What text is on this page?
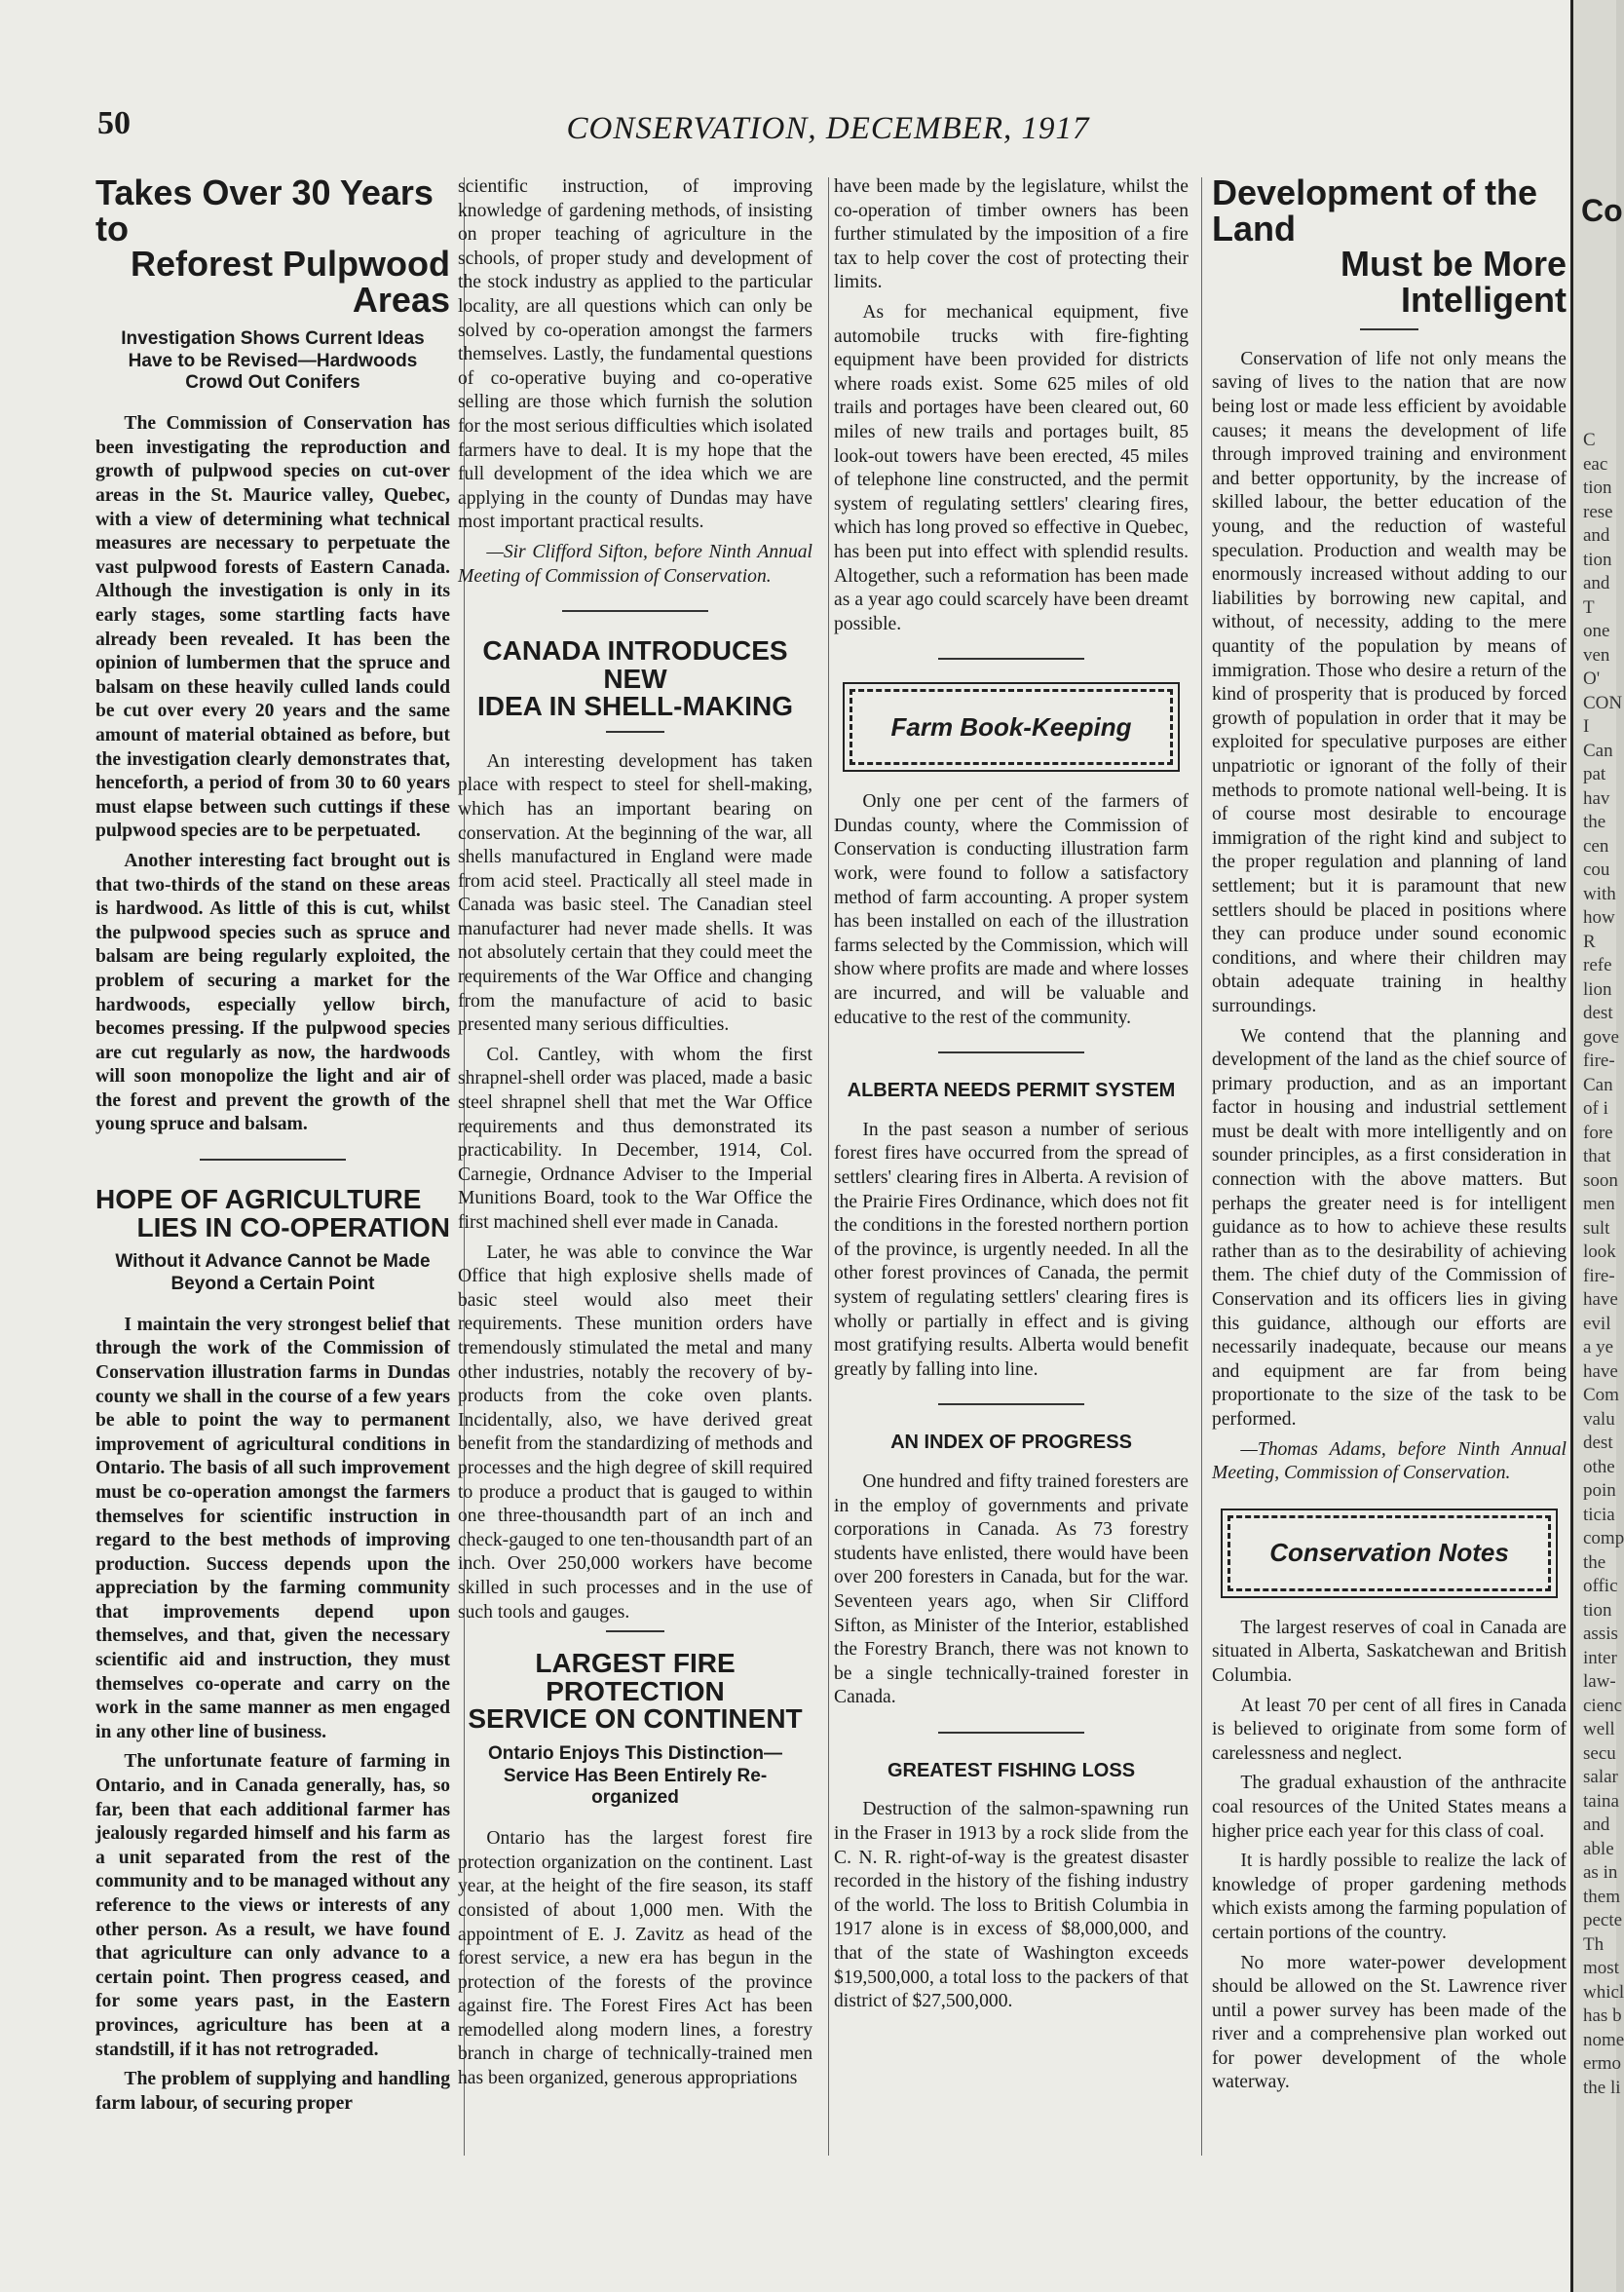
50	CONSERVATION, DECEMBER, 1917
Takes Over 30 Years to
Reforest Pulpwood Areas
Investigation Shows Current Ideas Have to be Revised—Hardwoods Crowd Out Conifers

The Commission of Conservation has been investigating the reproduction and growth of pulpwood species on cut-over areas in the St. Maurice valley, Quebec, with a view of determining what technical measures are necessary to perpetuate the vast pulpwood forests of Eastern Canada. Although the investigation is only in its early stages, some startling facts have already been revealed. It has been the opinion of lumbermen that the spruce and balsam on these heavily culled lands could be cut over every 20 years and the same amount of material obtained as before, but the investigation clearly demonstrates that, henceforth, a period of from 30 to 60 years must elapse between such cuttings if these pulpwood species are to be perpetuated.

Another interesting fact brought out is that two-thirds of the stand on these areas is hardwood. As little of this is cut, whilst the pulpwood species such as spruce and balsam are being regularly exploited, the problem of securing a market for the hardwoods, especially yellow birch, becomes pressing. If the pulpwood species are cut regularly as now, the hardwoods will soon monopolize the light and air of the forest and prevent the growth of the young spruce and balsam.

HOPE OF AGRICULTURE
LIES IN CO-OPERATION
Without it Advance Cannot be Made Beyond a Certain Point

I maintain the very strongest belief that through the work of the Commission of Conservation illustration farms in Dundas county we shall in the course of a few years be able to point the way to permanent improvement of agricultural conditions in Ontario. The basis of all such improvement must be co-operation amongst the farmers themselves for scientific instruction in regard to the best methods of improving production. Success depends upon the appreciation by the farming community that improvements depend upon themselves, and that, given the necessary scientific aid and instruction, they must themselves co-operate and carry on the work in the same manner as men engaged in any other line of business.

The unfortunate feature of farming in Ontario, and in Canada generally, has, so far, been that each additional farmer has jealously regarded himself and his farm as a unit separated from the rest of the community and to be managed without any reference to the views or interests of any other person. As a result, we have found that agriculture can only advance to a certain point. Then progress ceased, and for some years past, in the Eastern provinces, agriculture has been at a standstill, if it has not retrograded.

The problem of supplying and handling farm labour, of securing proper

scientific instruction, of improving knowledge of gardening methods, of insisting on proper teaching of agriculture in the schools, of proper study and development of the stock industry as applied to the particular locality, are all questions which can only be solved by co-operation amongst the farmers themselves. Lastly, the fundamental questions of co-operative buying and co-operative selling are those which furnish the solution for the most serious difficulties which isolated farmers have to deal. It is my hope that the full development of the idea which we are applying in the county of Dundas may have most important practical results.

—Sir Clifford Sifton, before Ninth Annual Meeting of Commission of Conservation.

CANADA INTRODUCES NEW
IDEA IN SHELL-MAKING

An interesting development has taken place with respect to steel for shell-making, which has an important bearing on conservation. At the beginning of the war, all shells manufactured in England were made from acid steel. Practically all steel made in Canada was basic steel. The Canadian steel manufacturer had never made shells. It was not absolutely certain that they could meet the requirements of the War Office and changing from the manufacture of acid to basic presented many serious difficulties.

Col. Cantley, with whom the first shrapnel-shell order was placed, made a basic steel shrapnel shell that met the War Office requirements and thus demonstrated its practicability. In December, 1914, Col. Carnegie, Ordnance Adviser to the Imperial Munitions Board, took to the War Office the first machined shell ever made in Canada.

Later, he was able to convince the War Office that high explosive shells made of basic steel would also meet their requirements. These munition orders have tremendously stimulated the metal and many other industries, notably the recovery of by-products from the coke oven plants. Incidentally, also, we have derived great benefit from the standardizing of methods and processes and the high degree of skill required to produce a product that is gauged to within one three-thousandth part of an inch and check-gauged to one ten-thousandth part of an inch. Over 250,000 workers have become skilled in such processes and in the use of such tools and gauges.

LARGEST FIRE PROTECTION
SERVICE ON CONTINENT
Ontario Enjoys This Distinction—Service Has Been Entirely Re-organized

Ontario has the largest forest fire protection organization on the continent. Last year, at the height of the fire season, its staff consisted of about 1,000 men. With the appointment of E. J. Zavitz as head of the forest service, a new era has begun in the protection of the forests of the province against fire. The Forest Fires Act has been remodelled along modern lines, a forestry branch in charge of technically-trained men has been organized, generous appropriations

have been made by the legislature, whilst the co-operation of timber owners has been further stimulated by the imposition of a fire tax to help cover the cost of protecting their limits.

As for mechanical equipment, five automobile trucks with fire-fighting equipment have been provided for districts where roads exist. Some 625 miles of old trails and portages have been cleared out, 60 miles of new trails and portages built, 85 look-out towers have been erected, 45 miles of telephone line constructed, and the permit system of regulating settlers' clearing fires, which has long proved so effective in Quebec, has been put into effect with splendid results. Altogether, such a reformation has been made as a year ago could scarcely have been dreamt possible.

Farm Book-Keeping

Only one per cent of the farmers of Dundas county, where the Commission of Conservation is conducting illustration farm work, were found to follow a satisfactory method of farm accounting. A proper system has been installed on each of the illustration farms selected by the Commission, which will show where profits are made and where losses are incurred, and will be valuable and educative to the rest of the community.

ALBERTA NEEDS PERMIT SYSTEM

In the past season a number of serious forest fires have occurred from the spread of settlers' clearing fires in Alberta. A revision of the Prairie Fires Ordinance, which does not fit the conditions in the forested northern portion of the province, is urgently needed. In all the other forest provinces of Canada, the permit system of regulating settlers' clearing fires is wholly or partially in effect and is giving most gratifying results. Alberta would benefit greatly by falling into line.

AN INDEX OF PROGRESS

One hundred and fifty trained foresters are in the employ of governments and private corporations in Canada. As 73 forestry students have enlisted, there would have been over 200 foresters in Canada, but for the war. Seventeen years ago, when Sir Clifford Sifton, as Minister of the Interior, established the Forestry Branch, there was not known to be a single technically-trained forester in Canada.

GREATEST FISHING LOSS

Destruction of the salmon-spawning run in the Fraser in 1913 by a rock slide from the C. N. R. right-of-way is the greatest disaster recorded in the history of the fishing industry of the world. The loss to British Columbia in 1917 alone is in excess of $8,000,000, and that of the state of Washington exceeds $19,500,000, a total loss to the packers of that district of $27,500,000.

Development of the Land
Must be More Intelligent

Conservation of life not only means the saving of lives to the nation that are now being lost or made less efficient by avoidable causes; it means the development of life through improved training and environment and better opportunity, by the increase of skilled labour, the better education of the young, and the reduction of wasteful speculation. Production and wealth may be enormously increased without adding to our liabilities by borrowing new capital, and without, of necessity, adding to the mere quantity of the population by means of immigration. Those who desire a return of the kind of prosperity that is produced by forced growth of population in order that it may be exploited for speculative purposes are either unpatriotic or ignorant of the folly of their methods to promote national well-being. It is of course most desirable to encourage immigration of the right kind and subject to the proper regulation and planning of land settlement; but it is paramount that new settlers should be placed in positions where they can produce under sound economic conditions, and where their children may obtain adequate training in healthy surroundings.

We contend that the planning and development of the land as the chief source of primary production, and as an important factor in housing and industrial settlement must be dealt with more intelligently and on sounder principles, as a first consideration in connection with the above matters. But perhaps the greater need is for intelligent guidance as to how to achieve these results rather than as to the desirability of achieving them. The chief duty of the Commission of Conservation and its officers lies in giving this guidance, although our efforts are necessarily inadequate, because our means and equipment are far from being proportionate to the size of the task to be performed.

—Thomas Adams, before Ninth Annual Meeting, Commission of Conservation.

Conservation Notes

The largest reserves of coal in Canada are situated in Alberta, Saskatchewan and British Columbia.

At least 70 per cent of all fires in Canada is believed to originate from some form of carelessness and neglect.

The gradual exhaustion of the anthracite coal resources of the United States means a higher price each year for this class of coal.

It is hardly possible to realize the lack of knowledge of proper gardening methods which exists among the farming population of certain portions of the country.

No more water-power development should be allowed on the St. Lawrence river until a power survey has been made of the river and a comprehensive plan worked out for power development of the whole waterway.

Co
C
eac
tion
rese
and
tion
and
T
one
ven
O'
CON
I
Can
pat
hav
the
cen
cou
with
how
R
refe
lion
dest
gove
fire-
Can
of i
fore
that
soon
men
sult
look
fire-
have
evil
a ye
have
Com
valu
dest
othe
poin
ticia
comp
the
offic
tion
assis
inter
law-
cienc
well
secu
salar
taina
and
able
as in
them
pecte
Th
most
whicl
has b
nome
ermo
the li
